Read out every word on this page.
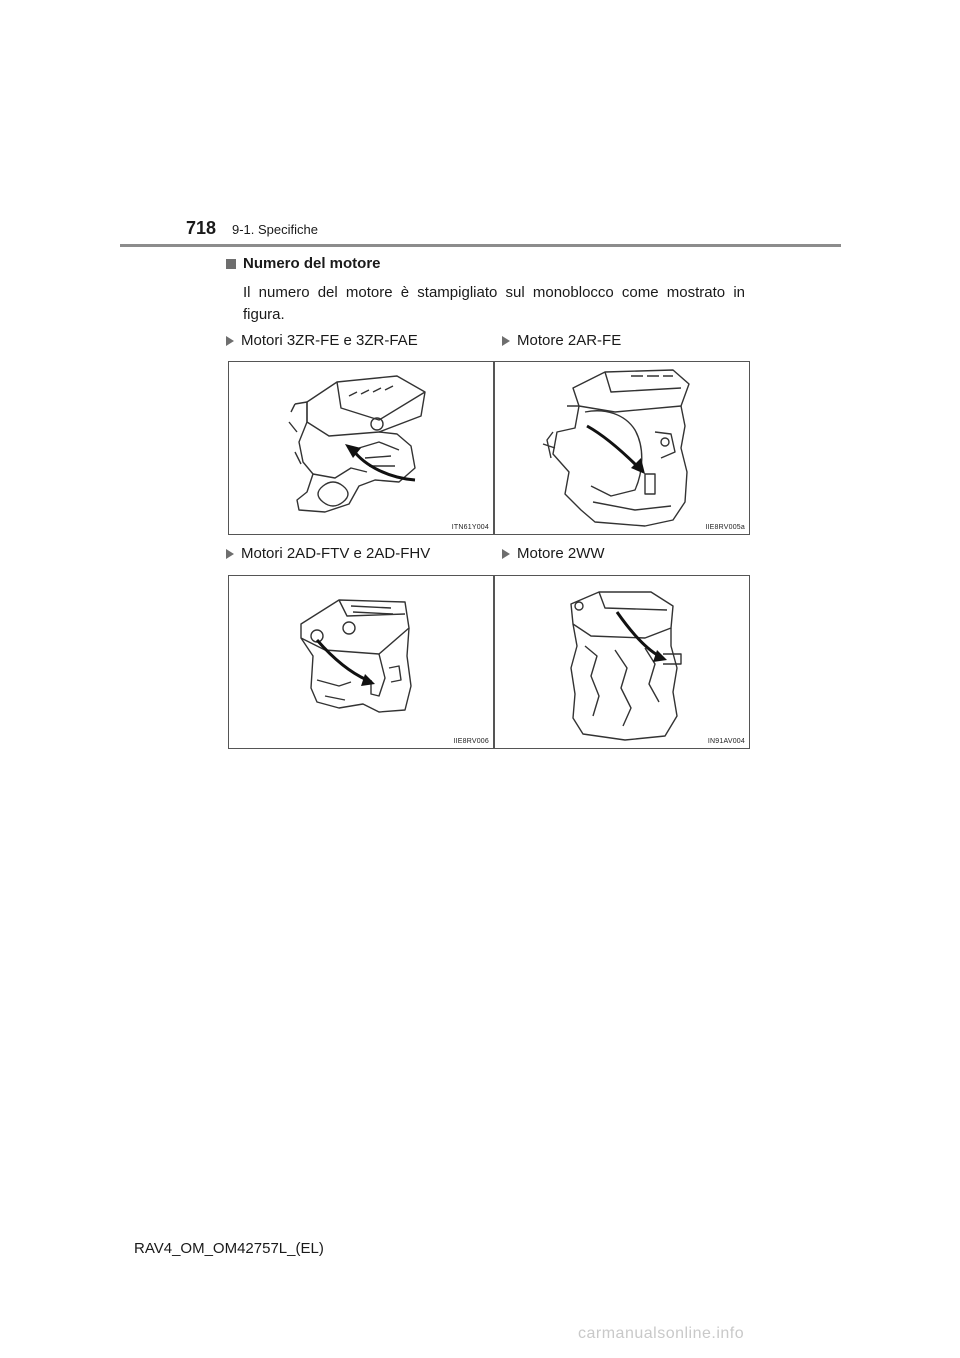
718 9-1. Specifiche
Numero del motore
Il numero del motore è stampigliato sul monoblocco come mostrato in figura.
Motori 3ZR-FE e 3ZR-FAE	Motore 2AR-FE
ITN61Y004	IIE8RV005a
Motori 2AD-FTV e 2AD-FHV	Motore 2WW
IIE8RV006	IN91AV004
RAV4_OM_OM42757L_(EL)
carmanualsonline.info
